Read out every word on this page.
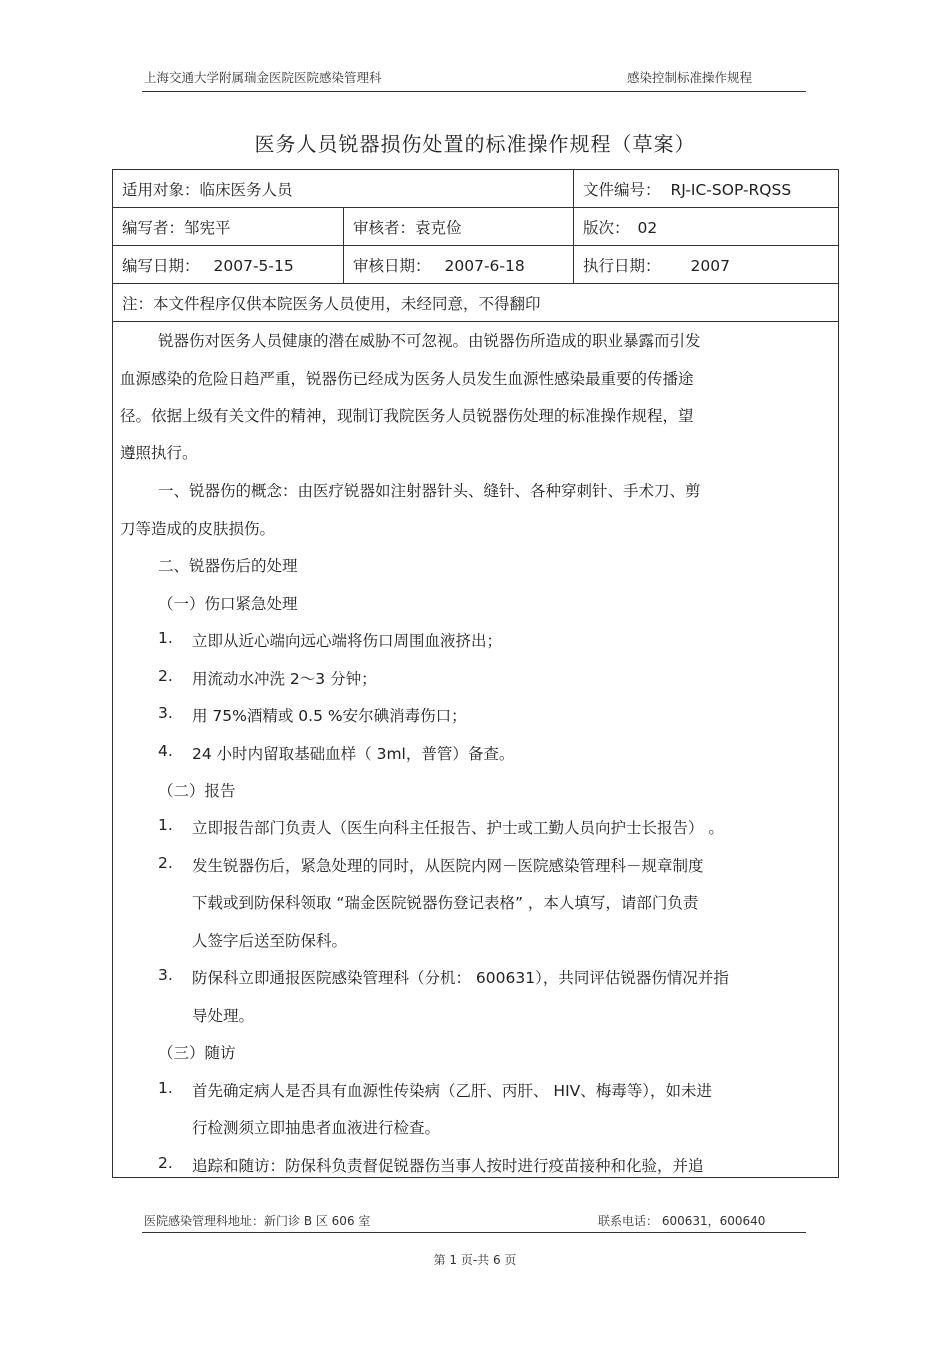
上海交通大学附属瑞金医院医院感染管理科	感染控制标准操作规程
医务人员锐器损伤处置的标准操作规程（草案）
适用对象：临床医务人员		文件编号： RJ-IC-SOP-RQSS
编写者：邹宪平	审核者：袁克俭	版次： 02
编写日期： 2007-5-15	审核日期： 2007-6-18	执行日期： 2007
注：本文件程序仅供本院医务人员使用，未经同意，不得翻印		
锐器伤对医务人员健康的潜在威胁不可忽视。由锐器伤所造成的职业暴露而引发
血源感染的危险日趋严重，锐器伤已经成为医务人员发生血源性感染最重要的传播途
径。依据上级有关文件的精神，现制订我院医务人员锐器伤处理的标准操作规程，望
遵照执行。
一、锐器伤的概念：由医疗锐器如注射器针头、缝针、各种穿刺针、手术刀、剪
刀等造成的皮肤损伤。
二、锐器伤后的处理
（一）伤口紧急处理
1. 立即从近心端向远心端将伤口周围血液挤出；
2. 用流动水冲洗 2～3 分钟；
3. 用 75%酒精或 0.5 %安尔碘消毒伤口；
4. 24 小时内留取基础血样（ 3ml，普管）备查。
（二）报告
1. 立即报告部门负责人（医生向科主任报告、护士或工勤人员向护士长报告） 。
2. 发生锐器伤后，紧急处理的同时，从医院内网－医院感染管理科－规章制度
下载或到防保科领取 “瑞金医院锐器伤登记表格” ，本人填写，请部门负责
人签字后送至防保科。
3. 防保科立即通报医院感染管理科（分机： 600631），共同评估锐器伤情况并指
导处理。
（三）随访
1. 首先确定病人是否具有血源性传染病（乙肝、丙肝、 HIV、梅毒等），如未进
行检测须立即抽患者血液进行检查。
2. 追踪和随访：防保科负责督促锐器伤当事人按时进行疫苗接种和化验，并追
医院感染管理科地址：新门诊 B 区 606 室	联系电话： 600631，600640
第 1 页-共 6 页
